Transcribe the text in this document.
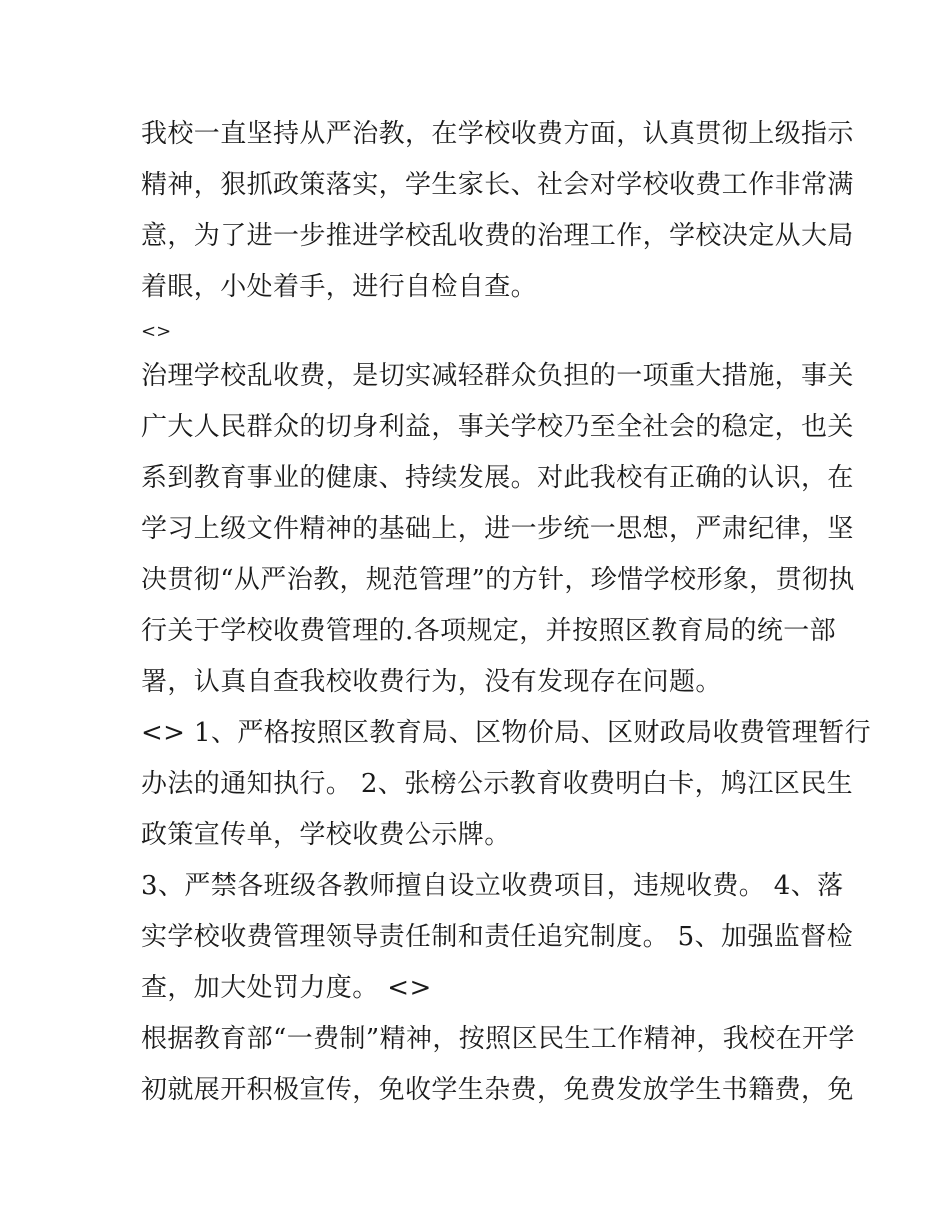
我校一直坚持从严治教，在学校收费方面，认真贯彻上级指示
精神，狠抓政策落实，学生家长、社会对学校收费工作非常满
意，为了进一步推进学校乱收费的治理工作，学校决定从大局
着眼，小处着手，进行自检自查。
<>
治理学校乱收费，是切实减轻群众负担的一项重大措施，事关
广大人民群众的切身利益，事关学校乃至全社会的稳定，也关
系到教育事业的健康、持续发展。对此我校有正确的认识，在
学习上级文件精神的基础上，进一步统一思想，严肃纪律，坚
决贯彻“从严治教，规范管理”的方针，珍惜学校形象，贯彻执
行关于学校收费管理的.各项规定，并按照区教育局的统一部
署，认真自查我校收费行为，没有发现存在问题。
<> 1、严格按照区教育局、区物价局、区财政局收费管理暂行
办法的通知执行。 2、张榜公示教育收费明白卡，鸠江区民生
政策宣传单，学校收费公示牌。
3、严禁各班级各教师擅自设立收费项目，违规收费。 4、落
实学校收费管理领导责任制和责任追究制度。 5、加强监督检
查，加大处罚力度。 <>
根据教育部“一费制”精神，按照区民生工作精神，我校在开学
初就展开积极宣传，免收学生杂费，免费发放学生书籍费，免
